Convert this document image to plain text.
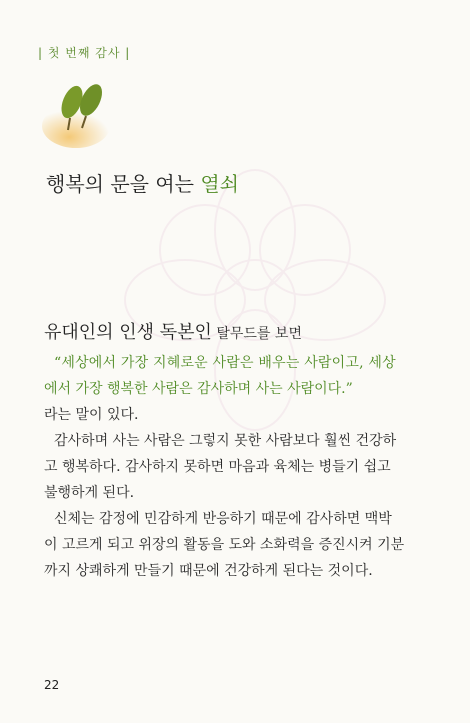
| 첫 번째 감사 |
행복의 문을 여는 열쇠

유대인의 인생 독본인 탈무드를 보면

“세상에서 가장 지혜로운 사람은 배우는 사람이고, 세상
에서 가장 행복한 사람은 감사하며 사는 사람이다.”

라는 말이 있다.

감사하며 사는 사람은 그렇지 못한 사람보다 훨씬 건강하
고 행복하다. 감사하지 못하면 마음과 육체는 병들기 쉽고
불행하게 된다.

신체는 감정에 민감하게 반응하기 때문에 감사하면 맥박
이 고르게 되고 위장의 활동을 도와 소화력을 증진시켜 기분
까지 상쾌하게 만들기 때문에 건강하게 된다는 것이다.

22
